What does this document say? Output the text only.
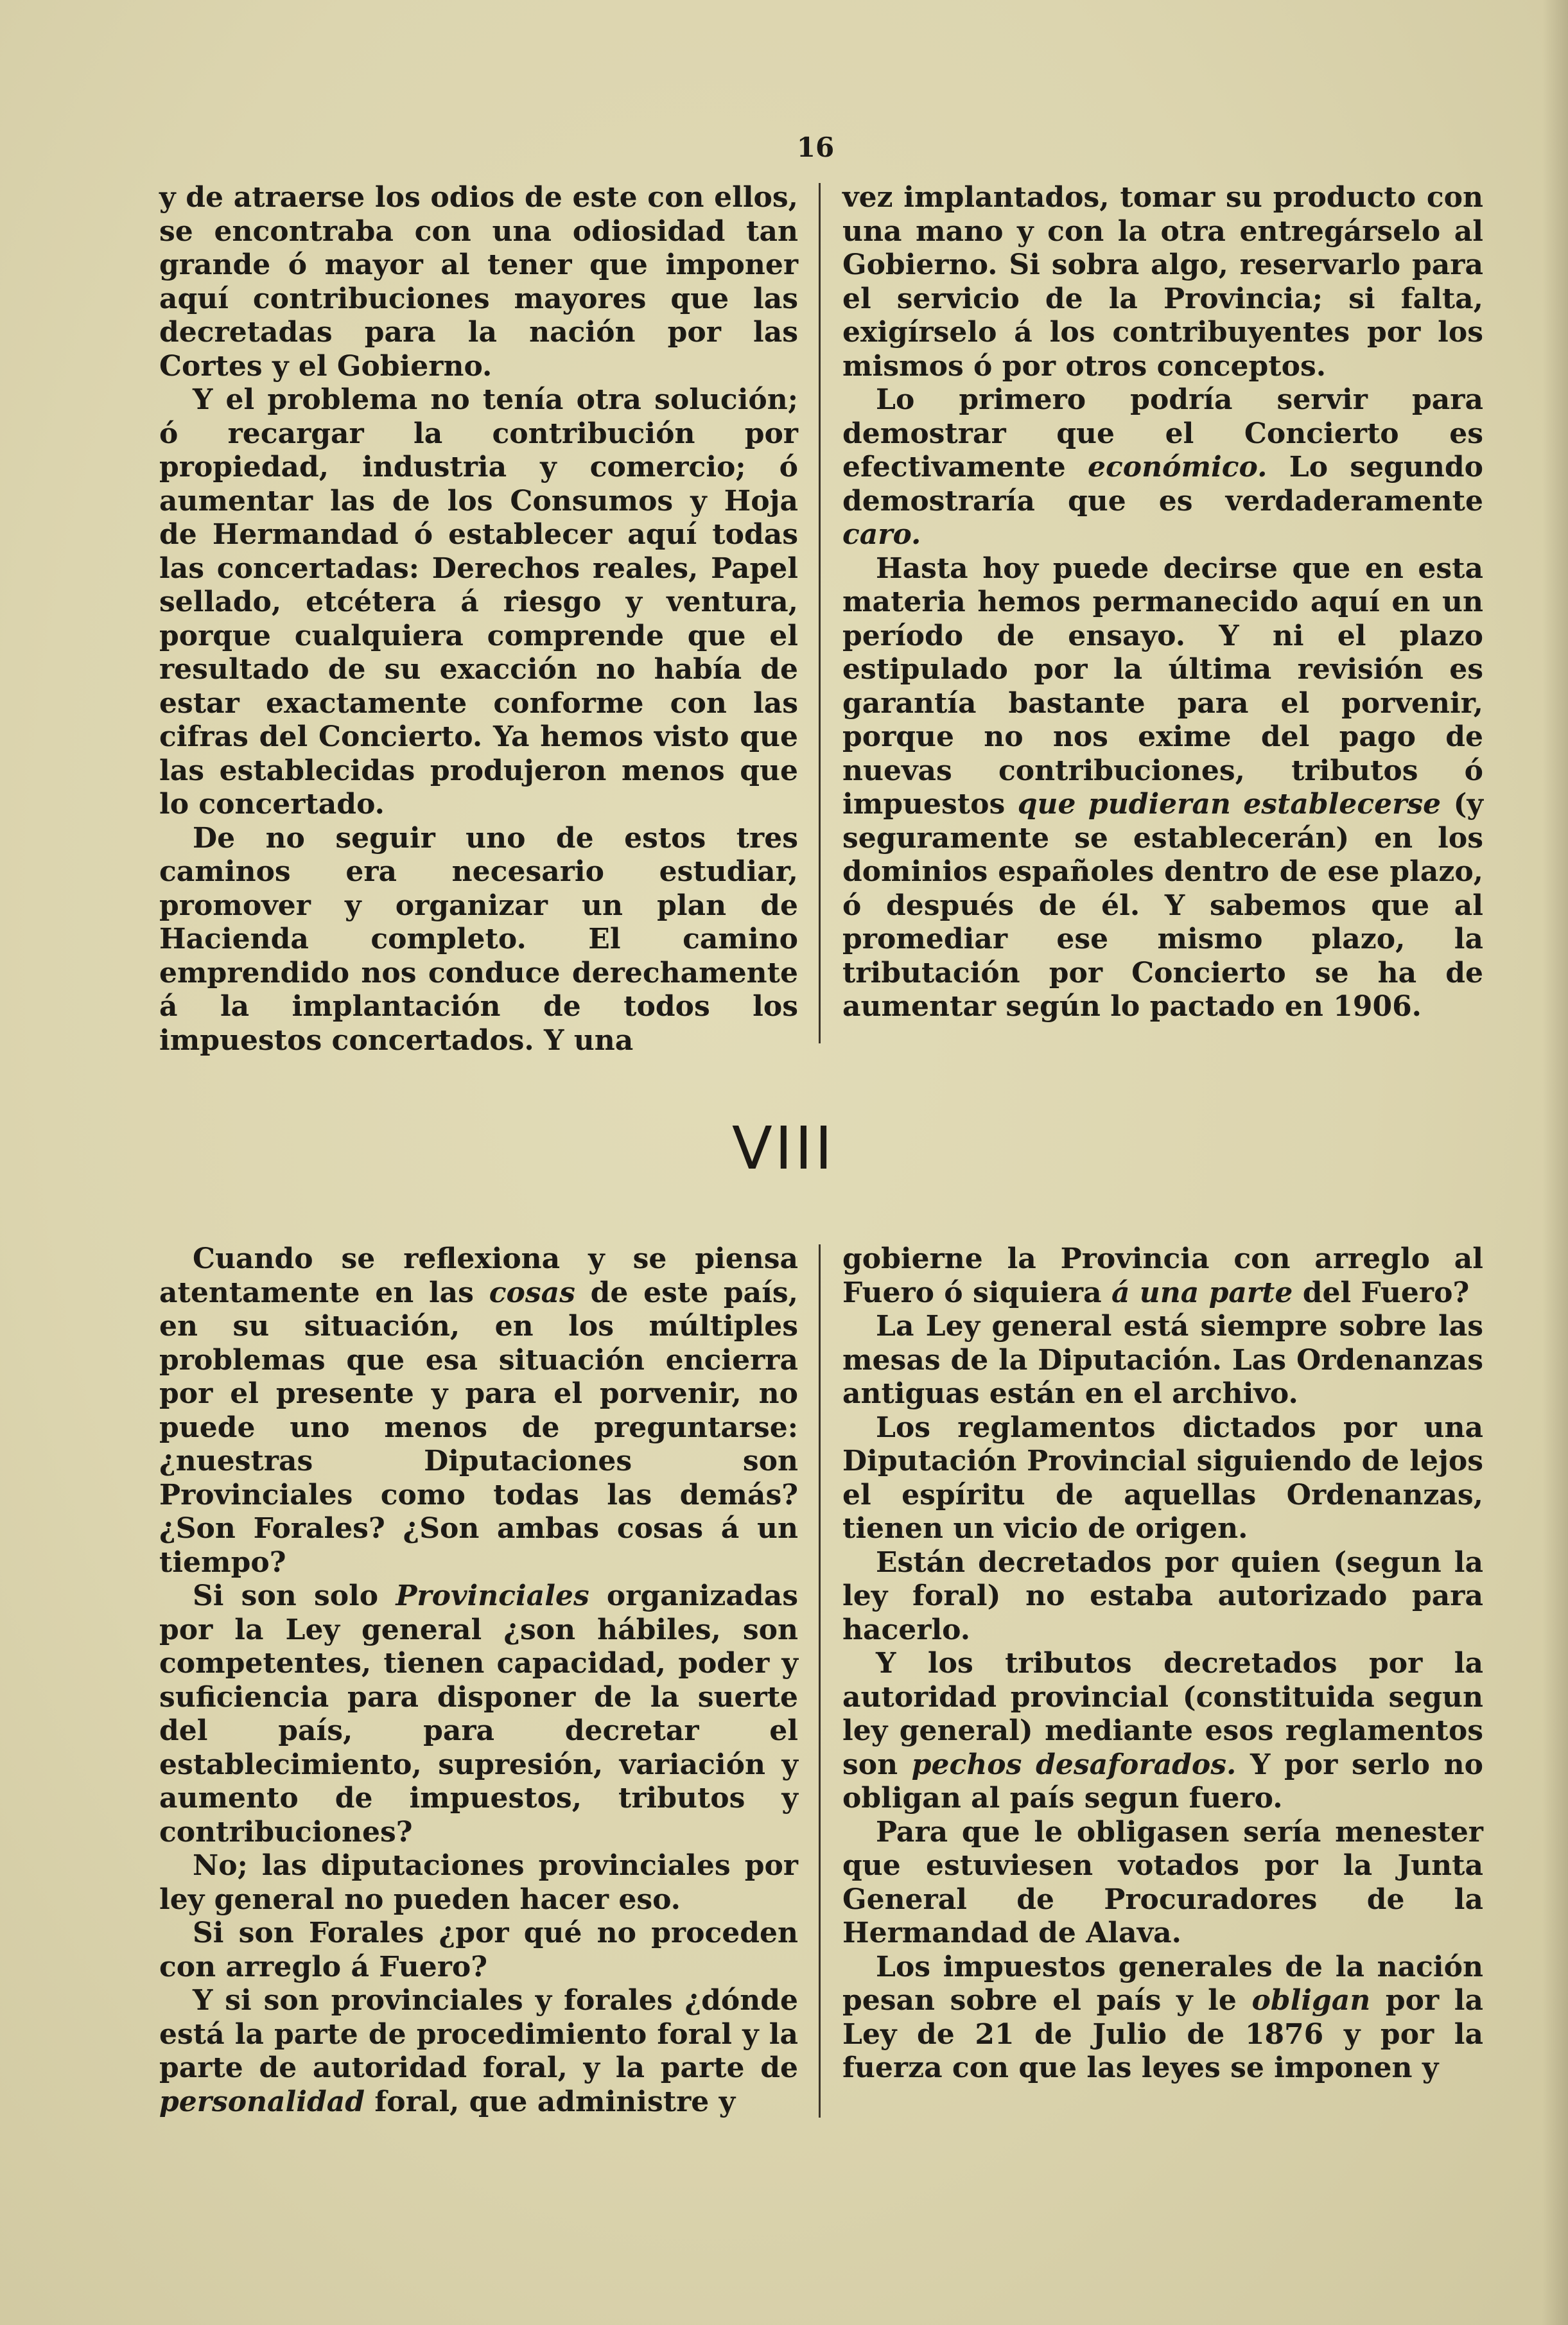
16

y de atraerse los odios de este con ellos, se encontraba con una odiosidad tan grande ó mayor al tener que imponer aquí contribuciones mayores que las decretadas para la nación por las Cortes y el Gobierno.

Y el problema no tenía otra solución; ó recargar la contribución por propiedad, industria y comercio; ó aumentar las de los Consumos y Hoja de Hermandad ó establecer aquí todas las concertadas: Derechos reales, Papel sellado, etcétera á riesgo y ventura, porque cualquiera comprende que el resultado de su exacción no había de estar exactamente conforme con las cifras del Concierto. Ya hemos visto que las establecidas produjeron menos que lo concertado.

De no seguir uno de estos tres caminos era necesario estudiar, promover y organizar un plan de Hacienda completo. El camino emprendido nos conduce derechamente á la implantación de todos los impuestos concertados. Y una

vez implantados, tomar su producto con una mano y con la otra entregárselo al Gobierno. Si sobra algo, reservarlo para el servicio de la Provincia; si falta, exigírselo á los contribuyentes por los mismos ó por otros conceptos.

Lo primero podría servir para demostrar que el Concierto es efectivamente económico. Lo segundo demostraría que es verdaderamente caro.

Hasta hoy puede decirse que en esta materia hemos permanecido aquí en un período de ensayo. Y ni el plazo estipulado por la última revisión es garantía bastante para el porvenir, porque no nos exime del pago de nuevas contribuciones, tributos ó impuestos que pudieran establecerse (y seguramente se establecerán) en los dominios españoles dentro de ese plazo, ó después de él. Y sabemos que al promediar ese mismo plazo, la tributación por Concierto se ha de aumentar según lo pactado en 1906.

VIII

Cuando se reflexiona y se piensa atentamente en las cosas de este país, en su situación, en los múltiples problemas que esa situación encierra por el presente y para el porvenir, no puede uno menos de preguntarse: ¿nuestras Diputaciones son Provinciales como todas las demás? ¿Son Forales? ¿Son ambas cosas á un tiempo?

Si son solo Provinciales organizadas por la Ley general ¿son hábiles, son competentes, tienen capacidad, poder y suficiencia para disponer de la suerte del país, para decretar el establecimiento, supresión, variación y aumento de impuestos, tributos y contribuciones?

No; las diputaciones provinciales por ley general no pueden hacer eso.

Si son Forales ¿por qué no proceden con arreglo á Fuero?

Y si son provinciales y forales ¿dónde está la parte de procedimiento foral y la parte de autoridad foral, y la parte de personalidad foral, que administre y

gobierne la Provincia con arreglo al Fuero ó siquiera á una parte del Fuero?

La Ley general está siempre sobre las mesas de la Diputación. Las Ordenanzas antiguas están en el archivo.

Los reglamentos dictados por una Diputación Provincial siguiendo de lejos el espíritu de aquellas Ordenanzas, tienen un vicio de origen.

Están decretados por quien (segun la ley foral) no estaba autorizado para hacerlo.

Y los tributos decretados por la autoridad provincial (constituida segun ley general) mediante esos reglamentos son pechos desaforados. Y por serlo no obligan al país segun fuero.

Para que le obligasen sería menester que estuviesen votados por la Junta General de Procuradores de la Hermandad de Alava.

Los impuestos generales de la nación pesan sobre el país y le obligan por la Ley de 21 de Julio de 1876 y por la fuerza con que las leyes se imponen y
